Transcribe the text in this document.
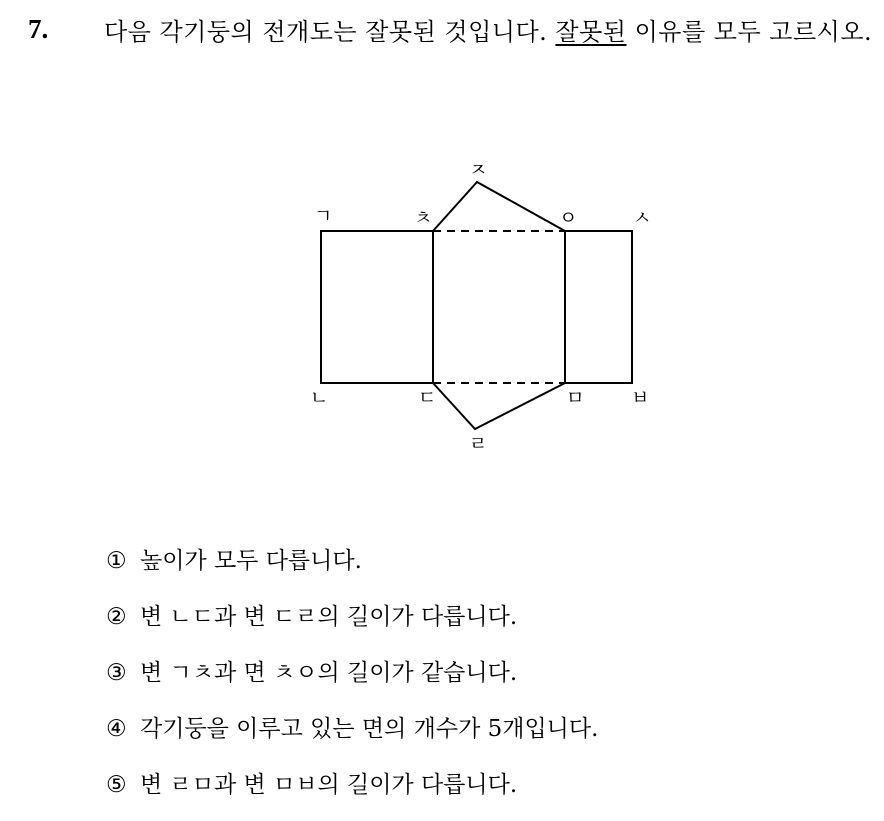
7. 다음 각기둥의 전개도는 잘못된 것입니다. 잘못된 이유를 모두 고르시오.
ㄱ	ㅊ
ㅈ
ㅇ	ㅅ
ㄴ	ㄷ
ㄹ
ㅁ ㅂ
① 높이가 모두 다릅니다.
② 변 ㄴㄷ과 변 ㄷㄹ의 길이가 다릅니다.
③ 변 ㄱㅊ과 면 ㅊㅇ의 길이가 같습니다.
④ 각기둥을 이루고 있는 면의 개수가 5개입니다.
⑤ 변 ㄹㅁ과 변 ㅁㅂ의 길이가 다릅니다.
